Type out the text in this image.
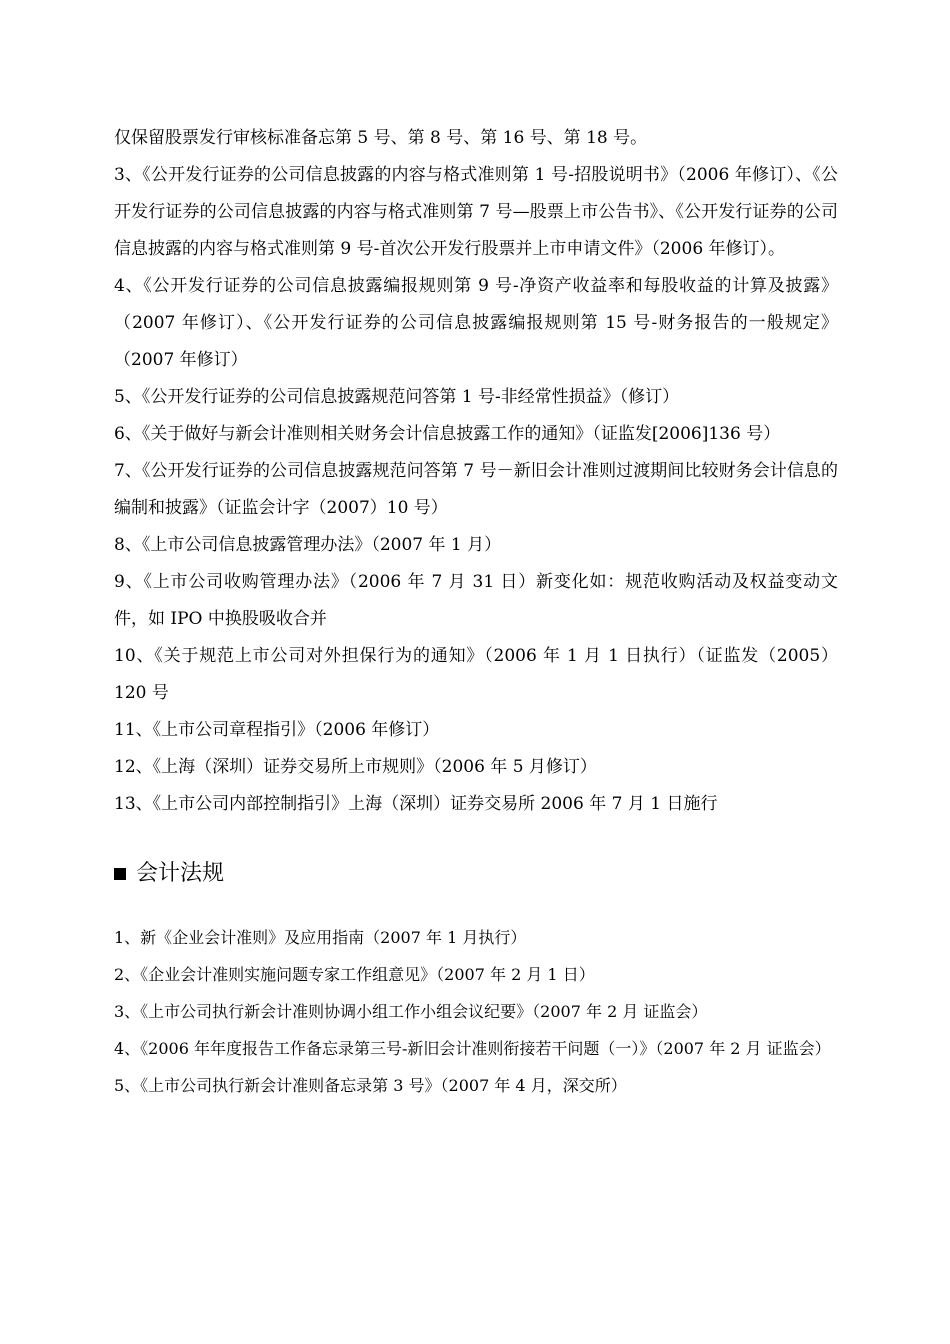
仅保留股票发行审核标准备忘第 5 号、第 8 号、第 16 号、第 18 号。

3、《公开发行证券的公司信息披露的内容与格式准则第 1 号-招股说明书》（2006 年修订）、《公开发行证券的公司信息披露的内容与格式准则第 7 号—股票上市公告书》、《公开发行证券的公司信息披露的内容与格式准则第 9 号-首次公开发行股票并上市申请文件》（2006 年修订）。

4、《公开发行证券的公司信息披露编报规则第 9 号-净资产收益率和每股收益的计算及披露》（2007 年修订）、《公开发行证券的公司信息披露编报规则第 15 号-财务报告的一般规定》（2007 年修订）

5、《公开发行证券的公司信息披露规范问答第 1 号-非经常性损益》（修订）

6、《关于做好与新会计准则相关财务会计信息披露工作的通知》（证监发[2006]136 号）

7、《公开发行证券的公司信息披露规范问答第 7 号－新旧会计准则过渡期间比较财务会计信息的编制和披露》（证监会计字（2007）10 号）

8、《上市公司信息披露管理办法》（2007 年 1 月）

9、《上市公司收购管理办法》（2006 年 7 月 31 日）新变化如：规范收购活动及权益变动文件，如 IPO 中换股吸收合并

10、《关于规范上市公司对外担保行为的通知》（2006 年 1 月 1 日执行）（证监发（2005）120 号

11、《上市公司章程指引》（2006 年修订）

12、《上海（深圳）证券交易所上市规则》（2006 年 5 月修订）

13、《上市公司内部控制指引》上海（深圳）证券交易所 2006 年 7 月 1 日施行

会计法规

1、新《企业会计准则》及应用指南（2007 年 1 月执行）

2、《企业会计准则实施问题专家工作组意见》（2007 年 2 月 1 日）

3、《上市公司执行新会计准则协调小组工作小组会议纪要》（2007 年 2 月 证监会）

4、《2006 年年度报告工作备忘录第三号-新旧会计准则衔接若干问题（一）》（2007 年 2 月 证监会）

5、《上市公司执行新会计准则备忘录第 3 号》（2007 年 4 月，深交所）
